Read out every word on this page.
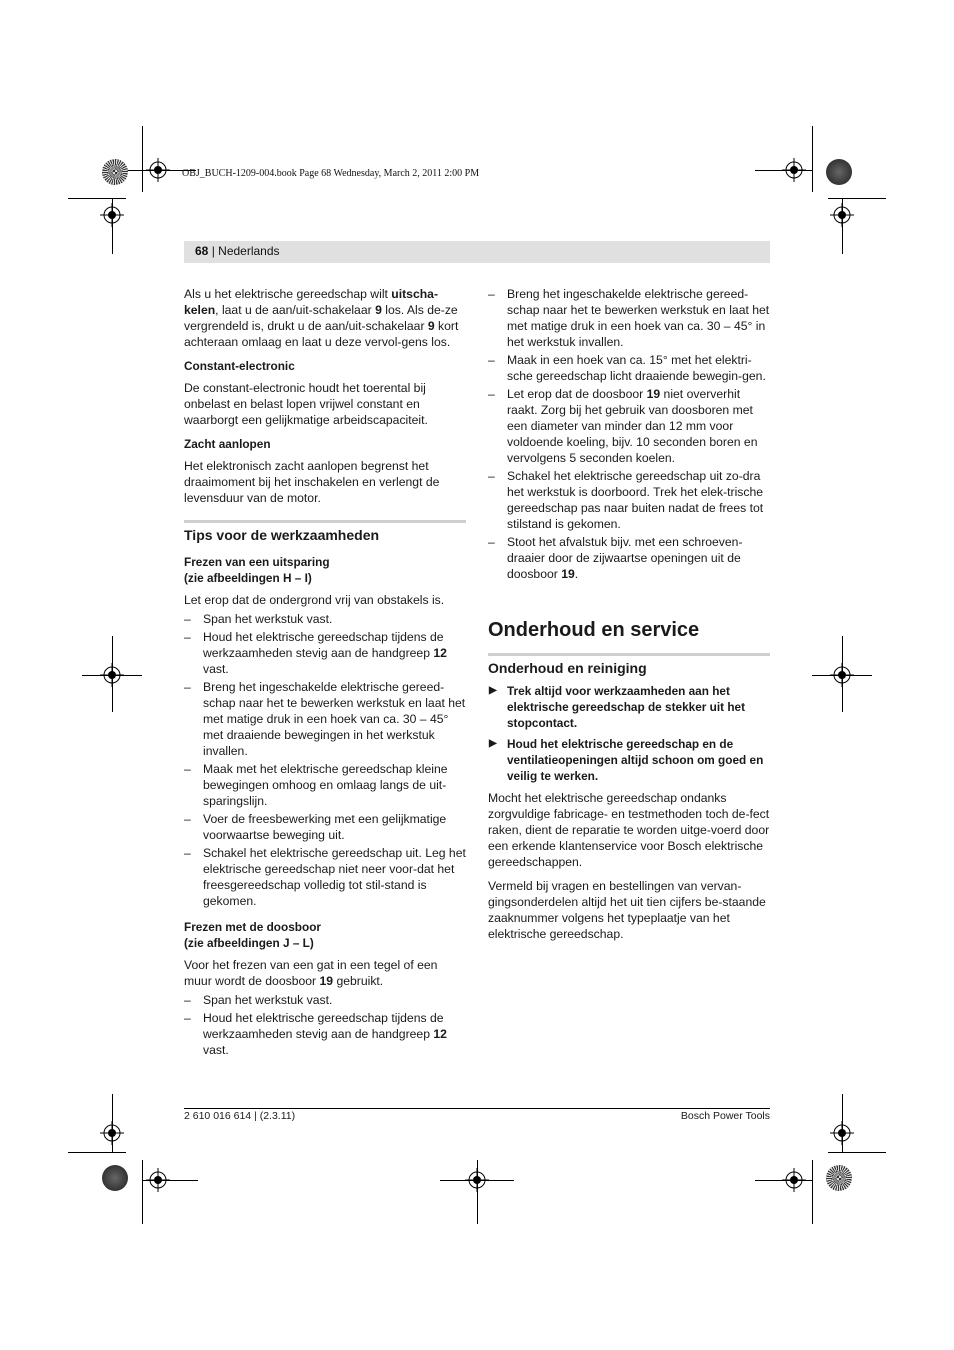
OBJ_BUCH-1209-004.book Page 68 Wednesday, March 2, 2011 2:00 PM
68 | Nederlands

Als u het elektrische gereedschap wilt uitscha-kelen, laat u de aan/uit-schakelaar 9 los. Als de-ze vergrendeld is, drukt u de aan/uit-schakelaar 9 kort achteraan omlaag en laat u deze vervol-gens los.

Constant-electronic

De constant-electronic houdt het toerental bij onbelast en belast lopen vrijwel constant en waarborgt een gelijkmatige arbeidscapaciteit.

Zacht aanlopen

Het elektronisch zacht aanlopen begrenst het draaimoment bij het inschakelen en verlengt de levensduur van de motor.

Tips voor de werkzaamheden
Frezen van een uitsparing
(zie afbeeldingen H – I)

Let erop dat de ondergrond vrij van obstakels is.

– Span het werkstuk vast.
– Houd het elektrische gereedschap tijdens de werkzaamheden stevig aan de handgreep 12 vast.
– Breng het ingeschakelde elektrische gereed-schap naar het te bewerken werkstuk en laat het met matige druk in een hoek van ca. 30 – 45° met draaiende bewegingen in het werkstuk invallen.
– Maak met het elektrische gereedschap kleine bewegingen omhoog en omlaag langs de uit-sparingslijn.
– Voer de freesbewerking met een gelijkmatige voorwaartse beweging uit.
– Schakel het elektrische gereedschap uit. Leg het elektrische gereedschap niet neer voor-dat het freesgereedschap volledig tot stil-stand is gekomen.
Frezen met de doosboor
(zie afbeeldingen J – L)

Voor het frezen van een gat in een tegel of een muur wordt de doosboor 19 gebruikt.

– Span het werkstuk vast.
– Houd het elektrische gereedschap tijdens de werkzaamheden stevig aan de handgreep 12 vast.
– Breng het ingeschakelde elektrische gereed-schap naar het te bewerken werkstuk en laat het met matige druk in een hoek van ca. 30 – 45° in het werkstuk invallen.
– Maak in een hoek van ca. 15° met het elektri-sche gereedschap licht draaiende bewegin-gen.
– Let erop dat de doosboor 19 niet oververhit raakt. Zorg bij het gebruik van doosboren met een diameter van minder dan 12 mm voor voldoende koeling, bijv. 10 seconden boren en vervolgens 5 seconden koelen.
– Schakel het elektrische gereedschap uit zo-dra het werkstuk is doorboord. Trek het elek-trische gereedschap pas naar buiten nadat de frees tot stilstand is gekomen.
– Stoot het afvalstuk bijv. met een schroeven-draaier door de zijwaartse openingen uit de doosboor 19.
Onderhoud en service
Onderhoud en reiniging
▶ Trek altijd voor werkzaamheden aan het elektrische gereedschap de stekker uit het stopcontact.
▶ Houd het elektrische gereedschap en de ventilatieopeningen altijd schoon om goed en veilig te werken.

Mocht het elektrische gereedschap ondanks zorgvuldige fabricage- en testmethoden toch de-fect raken, dient de reparatie te worden uitge-voerd door een erkende klantenservice voor Bosch elektrische gereedschappen.

Vermeld bij vragen en bestellingen van vervan-gingsonderdelen altijd het uit tien cijfers be-staande zaaknummer volgens het typeplaatje van het elektrische gereedschap.

2 610 016 614 | (2.3.11)	Bosch Power Tools
